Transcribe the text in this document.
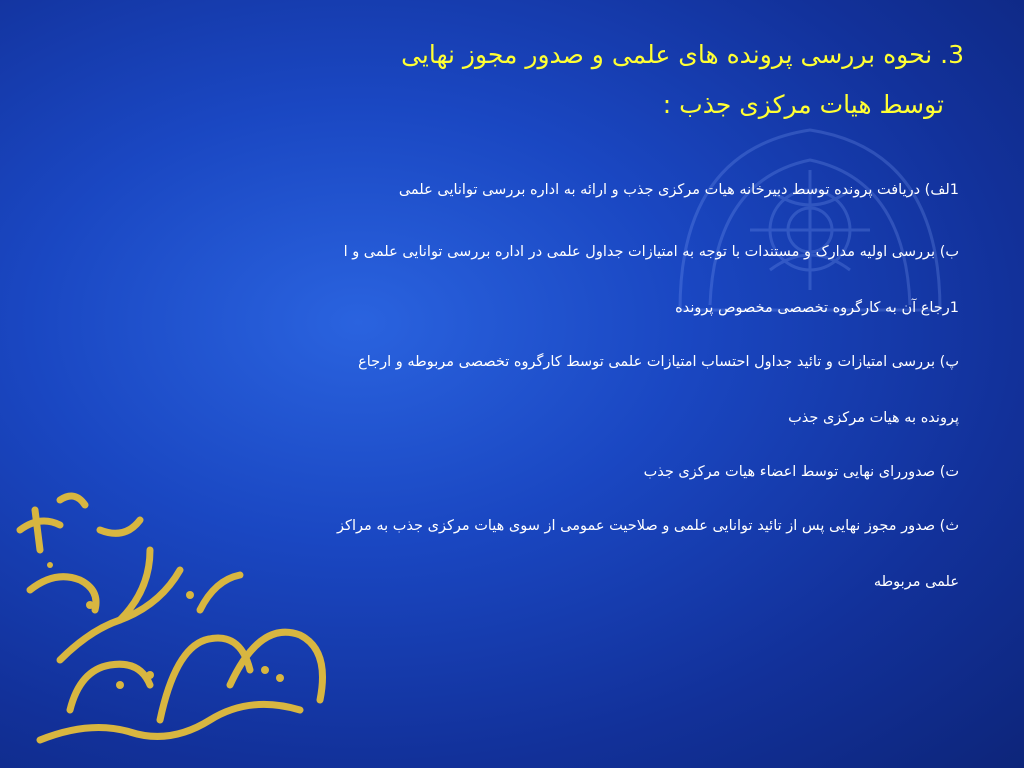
3. نحوه بررسی پرونده های علمی و صدور مجوز نهایی
توسط هیات مرکزی جذب :
1لف) دریافت پرونده توسط دبیرخانه هیات مرکزی جذب و ارائه به اداره بررسی توانایی علمی
ب) بررسی اولیه مدارک و مستندات با توجه به امتیازات جداول علمی در اداره بررسی توانایی علمی و ا
1رجاع آن به کارگروه تخصصی مخصوص پرونده
پ) بررسی امتیازات و تائید جداول احتساب امتیازات علمی توسط کارگروه تخصصی مربوطه و ارجاع
پرونده به هیات مرکزی جذب
ت) صدوررای نهایی توسط اعضاء هیات مرکزی جذب
ث) صدور مجوز نهایی پس از تائید توانایی علمی و صلاحیت عمومی از سوی هیات مرکزی جذب به مراکز
علمی مربوطه
